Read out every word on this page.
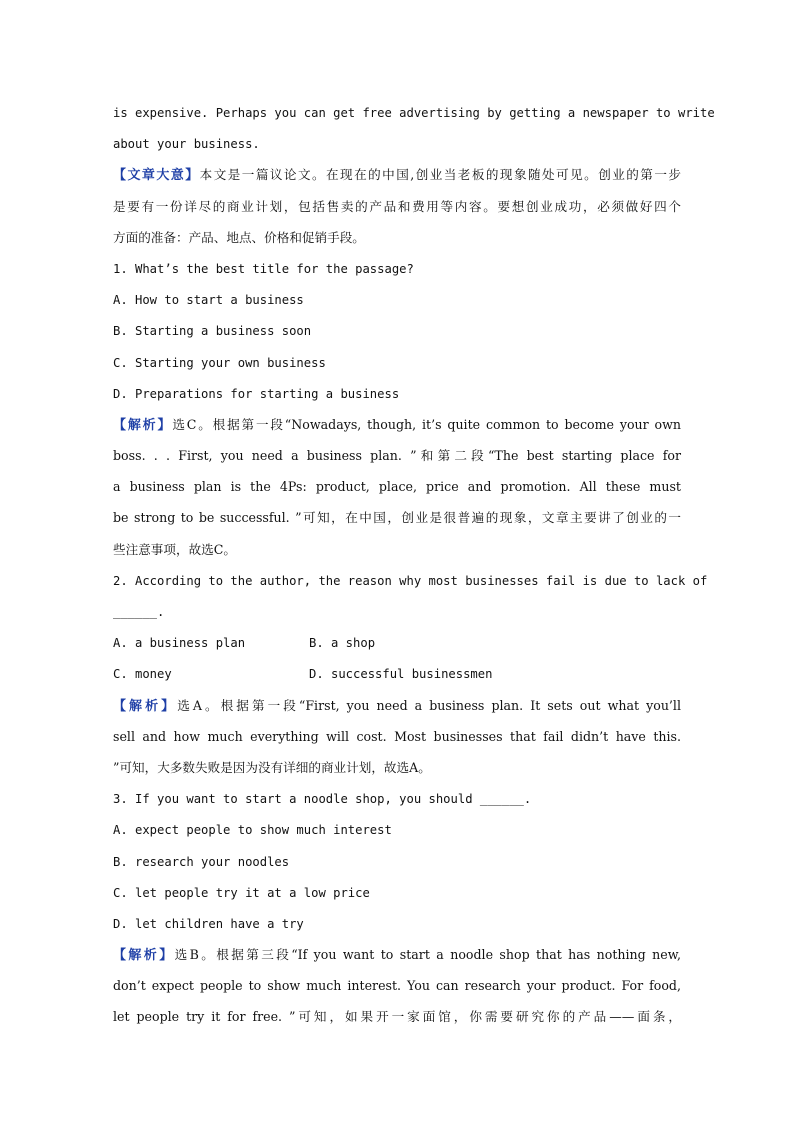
is expensive. Perhaps you can get free advertising by getting a newspaper to write
about your business.
【文章大意】本文是一篇议论文。在现在的中国,创业当老板的现象随处可见。创业的第一步
是要有一份详尽的商业计划，包括售卖的产品和费用等内容。要想创业成功，必须做好四个
方面的准备：产品、地点、价格和促销手段。
1. What’s the best title for the passage?
A. How to start a business
B. Starting a business soon
C. Starting your own business
D. Preparations for starting a business
【解析】选C。根据第一段“Nowadays, though, it’s quite common to become your own
boss. . . First, you need a business plan. ”和第二段“The best starting place for
a business plan is the 4Ps: product, place, price and promotion. All these must
be strong to be successful. ”可知，在中国，创业是很普遍的现象，文章主要讲了创业的一
些注意事项，故选C。
2. According to the author, the reason why most businesses fail is due to lack of
______.
A. a business plan	B. a shop
C. money	D. successful businessmen
【解析】选A。根据第一段“First, you need a business plan. It sets out what you’ll
sell and how much everything will cost. Most businesses that fail didn’t have this.
”可知，大多数失败是因为没有详细的商业计划，故选A。
3. If you want to start a noodle shop, you should ______.
A. expect people to show much interest
B. research your noodles
C. let people try it at a low price
D. let children have a try
【解析】选B。根据第三段“If you want to start a noodle shop that has nothing new,
don’t expect people to show much interest. You can research your product. For food,
let people try it for free. ”可知，如果开一家面馆，你需要研究你的产品——面条，
